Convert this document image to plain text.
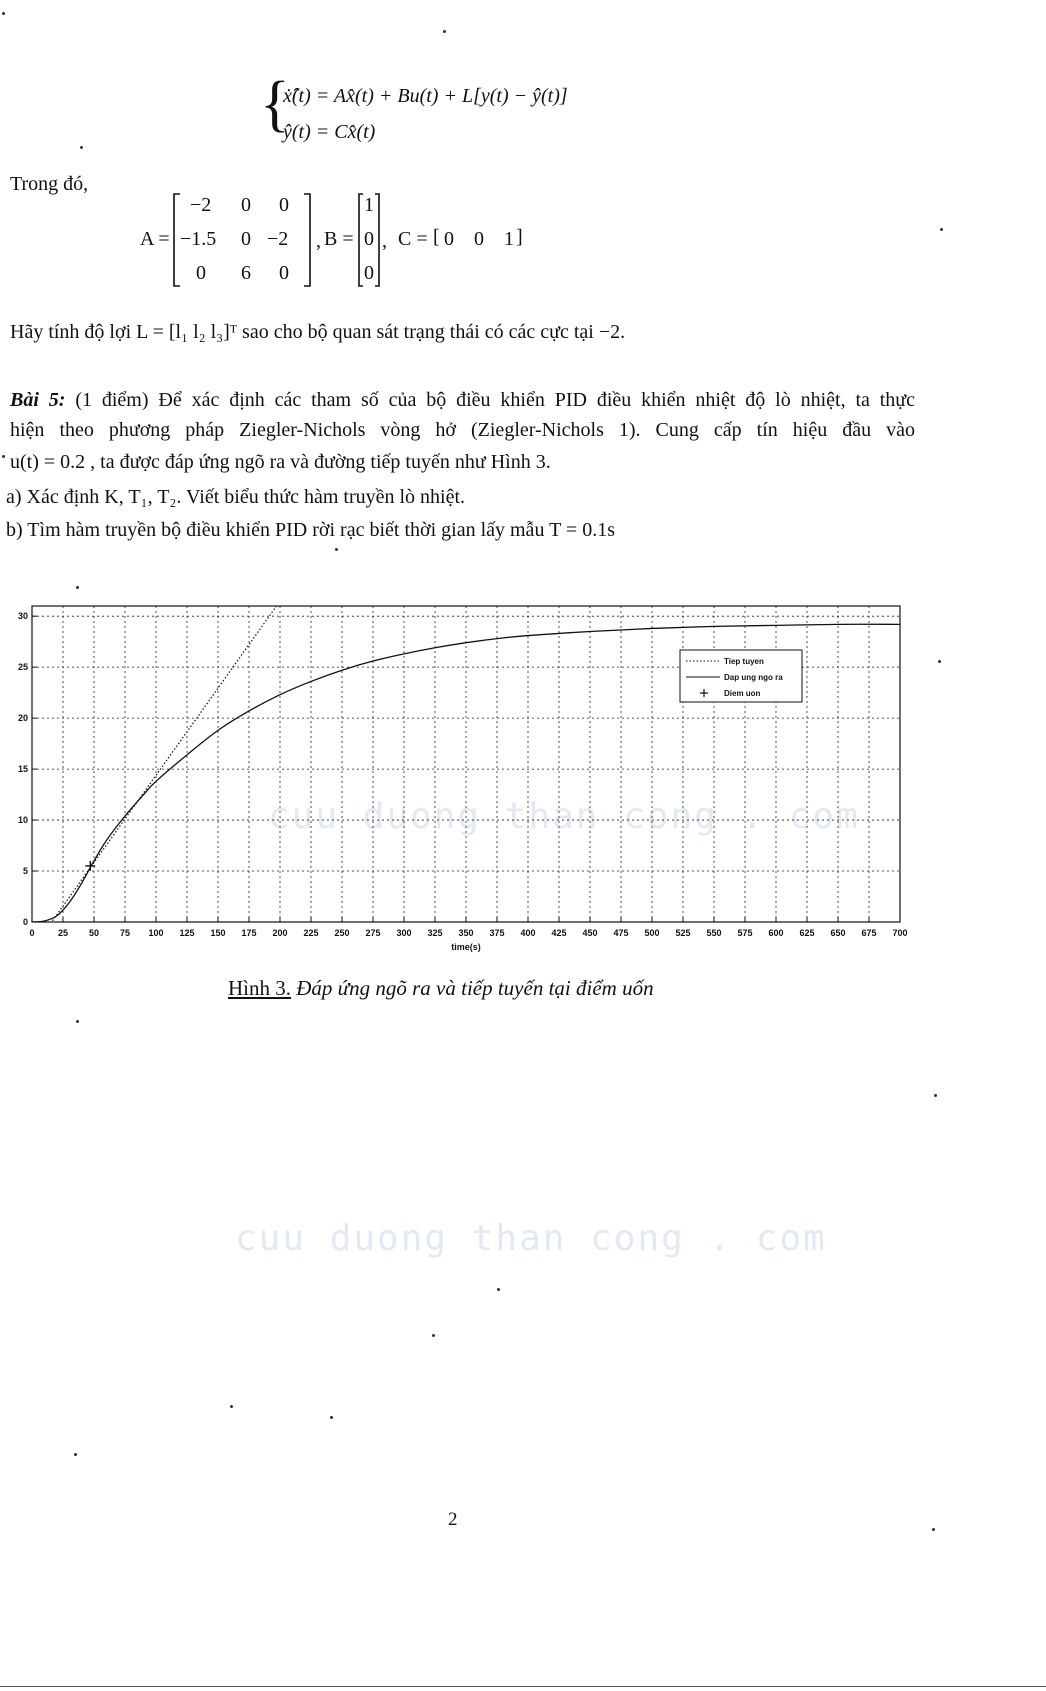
{
ẋ̂(t) = Ax̂(t) + Bu(t) + L[y(t) − ŷ(t)]
ŷ(t) = Cx̂(t)
Trong đó,
A =
−2 0 0
−1.5 0 −2
0 6 0
, B =
1
0
0
, C = [ 0 0 1 ]
Hãy tính độ lợi L = [l₁ l₂ l₃]ᵀ sao cho bộ quan sát trạng thái có các cực tại −2.
Bài 5: (1 điểm) Để xác định các tham số của bộ điều khiển PID điều khiển nhiệt độ lò nhiệt, ta thực
hiện theo phương pháp Ziegler-Nichols vòng hở (Ziegler-Nichols 1). Cung cấp tín hiệu đầu vào
u(t) = 0.2 , ta được đáp ứng ngõ ra và đường tiếp tuyến như Hình 3.
a) Xác định K, T₁, T₂. Viết biểu thức hàm truyền lò nhiệt.
b) Tìm hàm truyền bộ điều khiển PID rời rạc biết thời gian lấy mẫu T = 0.1s
cuu duong than cong . com
cuu duong than cong . com
0	25 50 75 100 125 150 175 200 225 250 275 300 325 350 375 400 425 450 475 500 525 550 575 600 625 650 675 700
0
5
10
15
20
25
30
time(s)
Tiep tuyen
Dap ung ngo ra
Diem uon
Hình 3. Đáp ứng ngõ ra và tiếp tuyến tại điểm uốn
2
